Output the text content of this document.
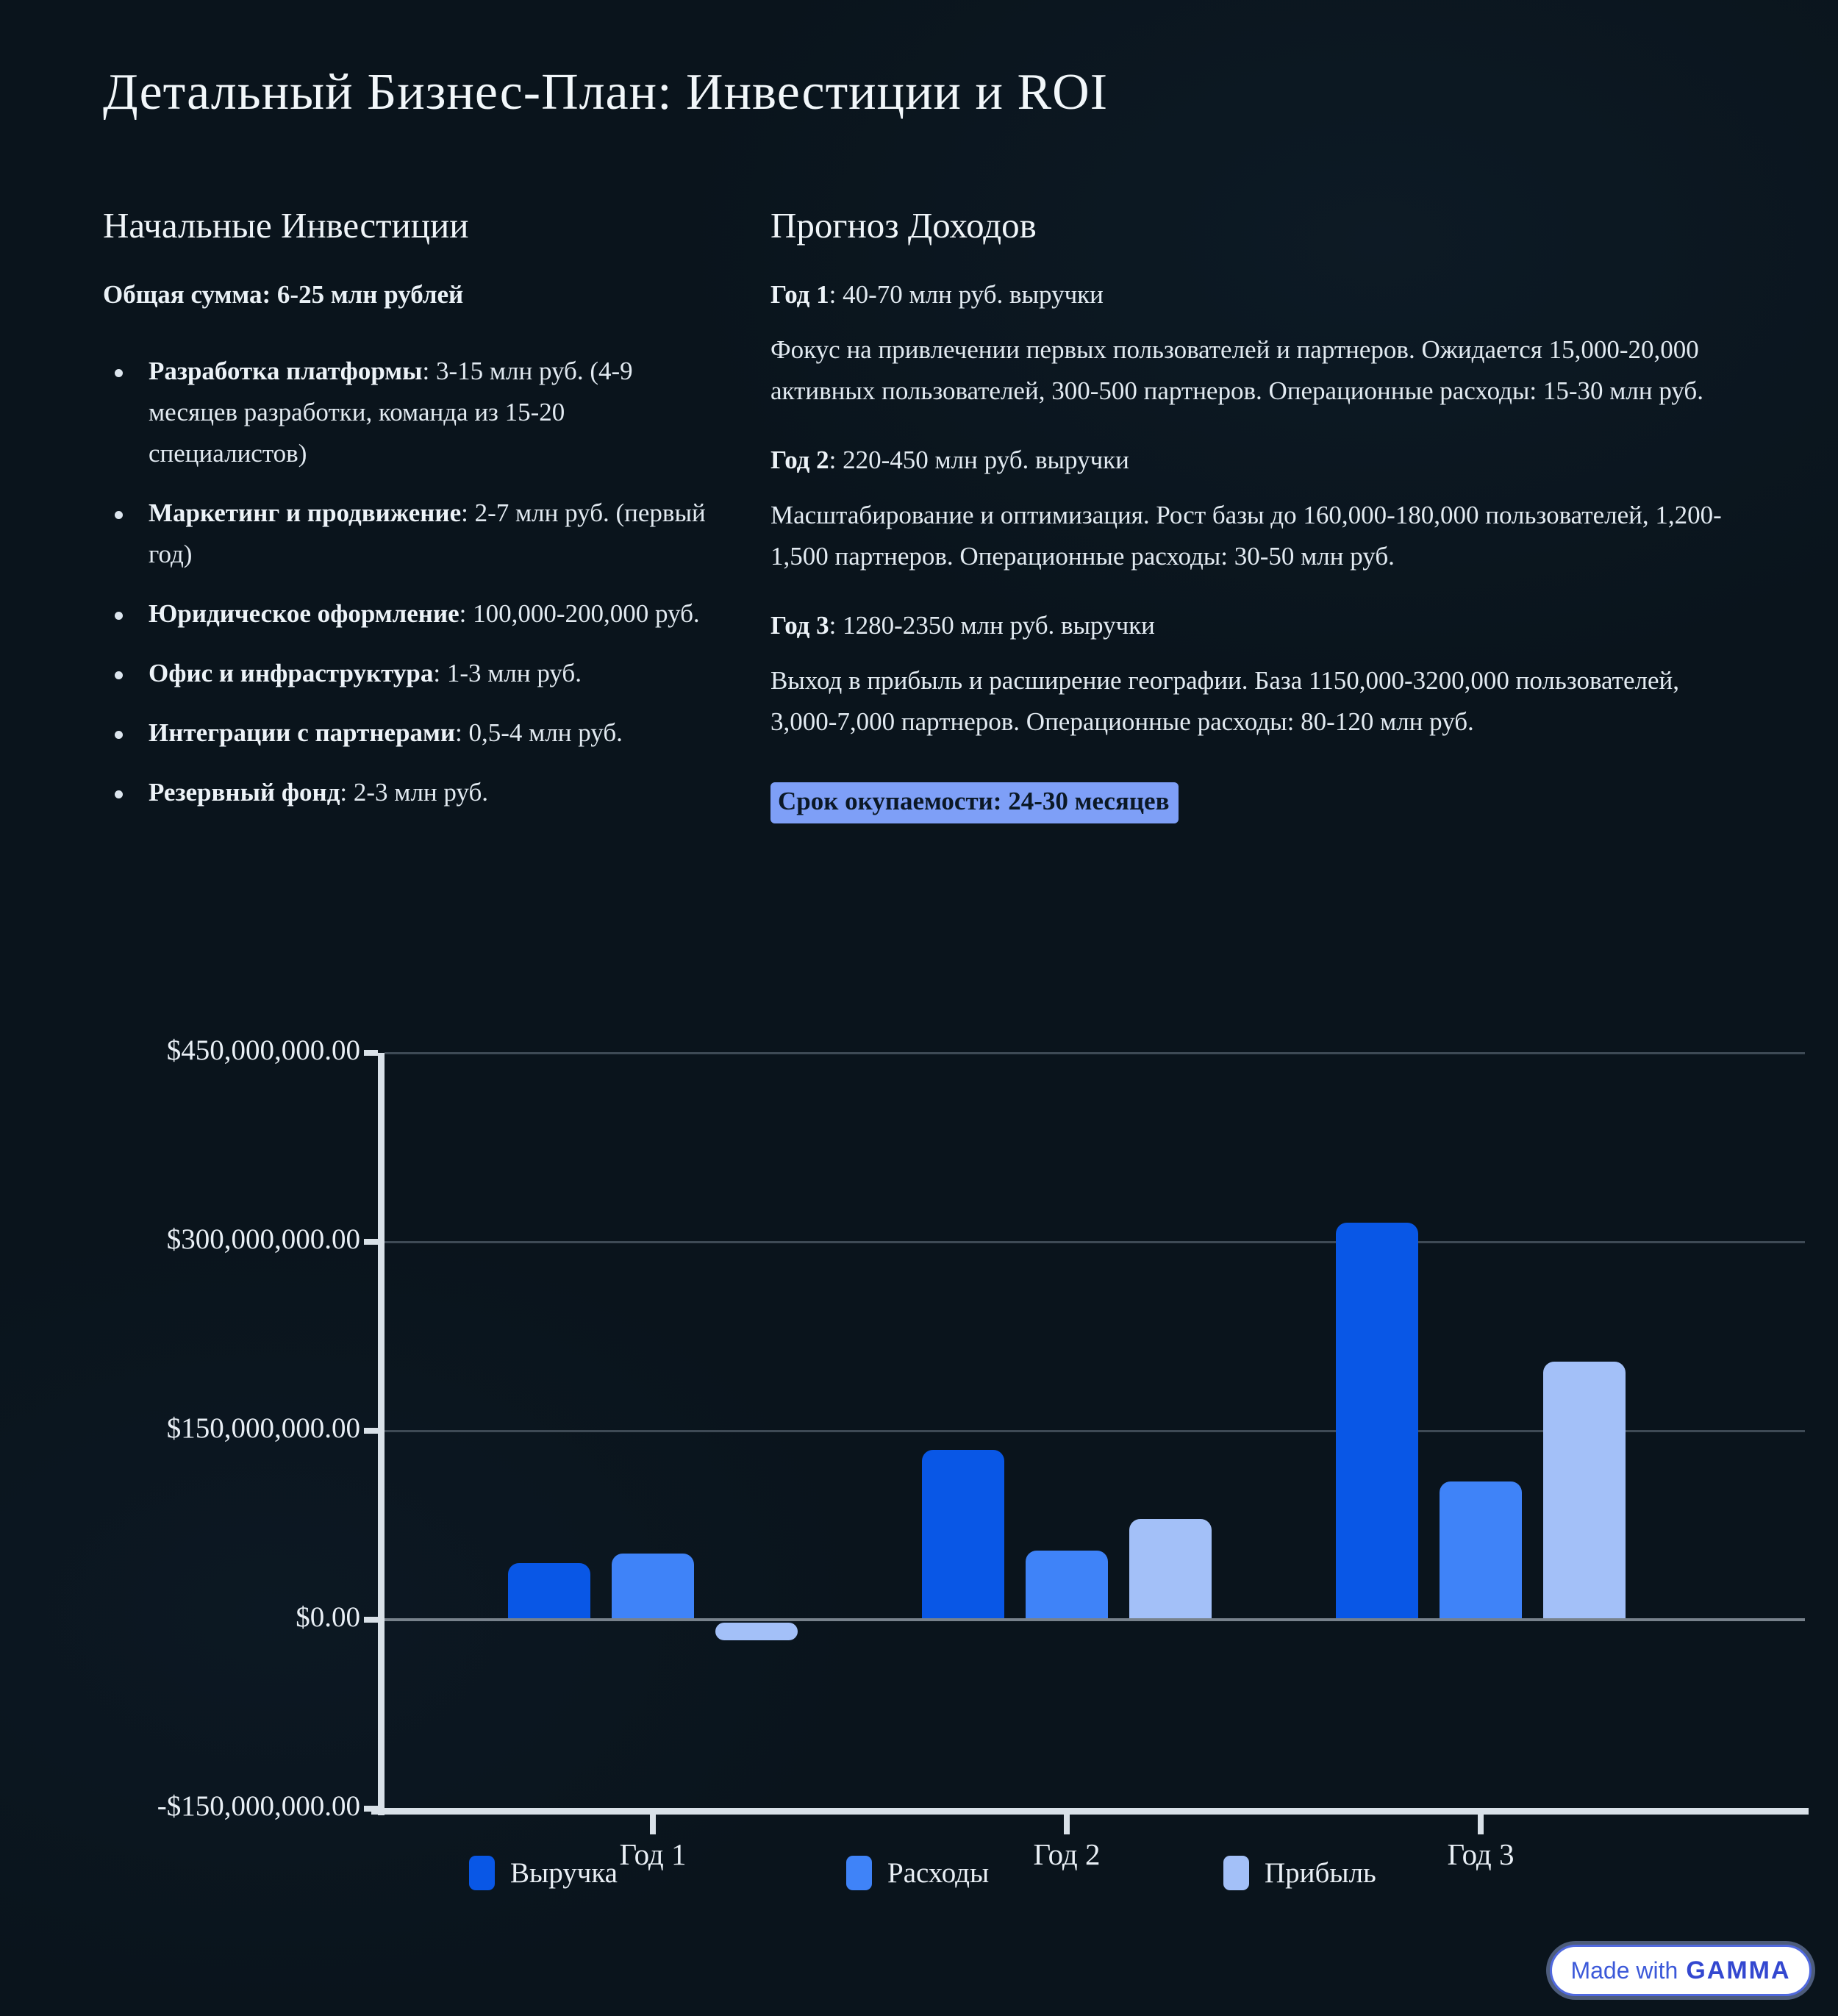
Детальный Бизнес-План: Инвестиции и ROI
Начальные Инвестиции

Общая сумма: 6-25 млн рублей

Разработка платформы: 3-15 млн руб. (4-9 месяцев разработки, команда из 15-20 специалистов)
Маркетинг и продвижение: 2-7 млн руб. (первый год)
Юридическое оформление: 100,000-200,000 руб.
Офис и инфраструктура: 1-3 млн руб.
Интеграции с партнерами: 0,5-4 млн руб.
Резервный фонд: 2-3 млн руб.
Прогноз Доходов

Год 1: 40-70 млн руб. выручки

Фокус на привлечении первых пользователей и партнеров. Ожидается 15,000-20,000 активных пользователей, 300-500 партнеров. Операционные расходы: 15-30 млн руб.

Год 2: 220-450 млн руб. выручки

Масштабирование и оптимизация. Рост базы до 160,000-180,000 пользователей, 1,200-1,500 партнеров. Операционные расходы: 30-50 млн руб.

Год 3: 1280-2350 млн руб. выручки

Выход в прибыль и расширение географии. База 1150,000-3200,000 пользователей, 3,000-7,000 партнеров. Операционные расходы: 80-120 млн руб.

Срок окупаемости: 24-30 месяцев

$450,000,000.00
$300,000,000.00
$150,000,000.00
$0.00
-$150,000,000.00
Год 1	Год 2	Год 3
Выручка	Расходы	Прибыль
Made with GAMMA
